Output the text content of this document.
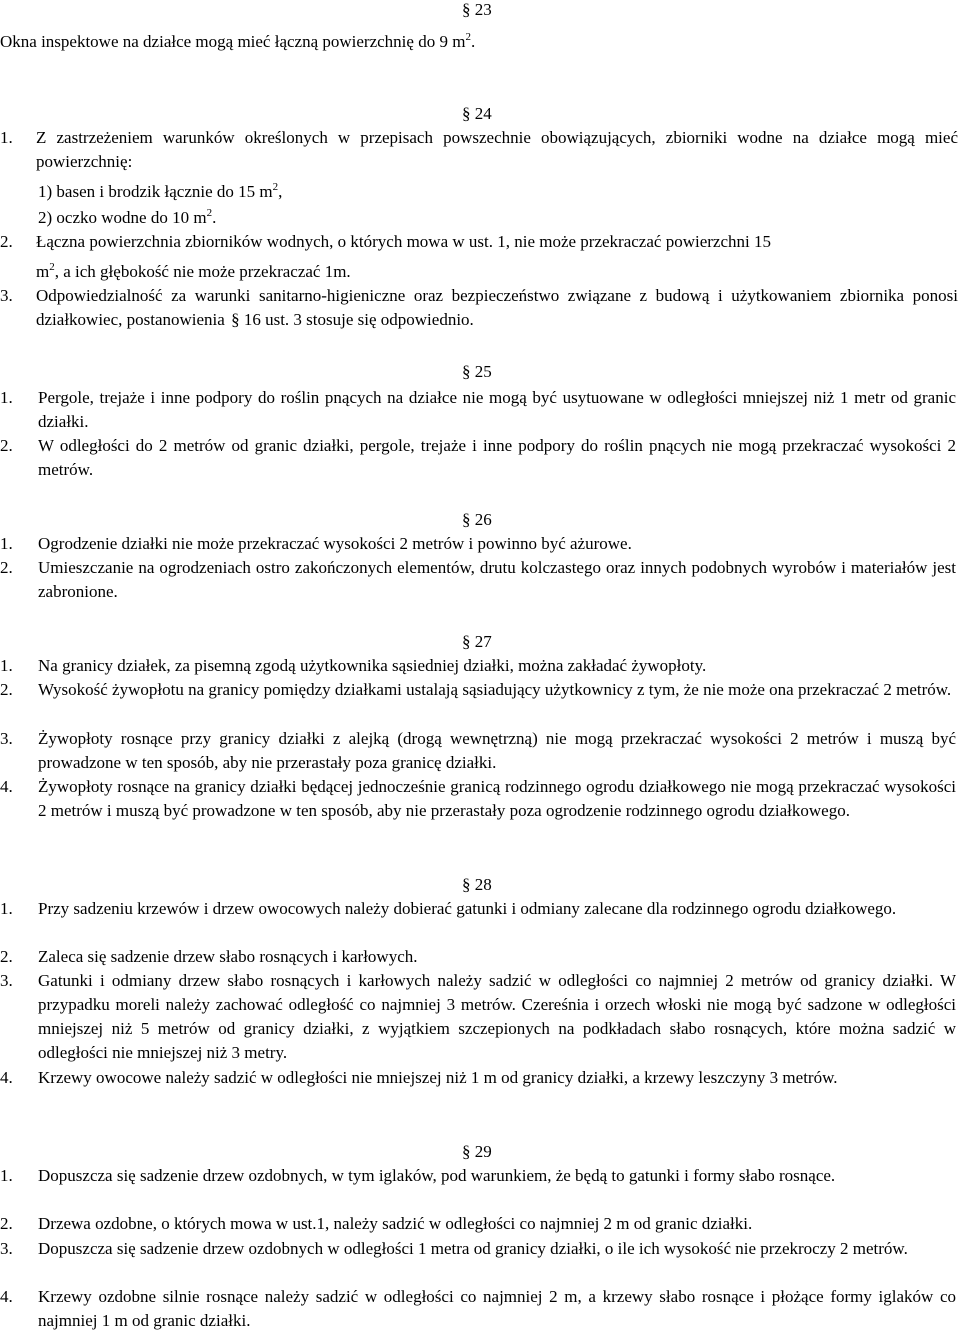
§ 23
Okna inspektowe na działce mogą mieć łączną powierzchnię do 9 $m^2$.
§ 24
1. Z zastrzeżeniem warunków określonych w przepisach powszechnie obowiązujących, zbiorniki wodne na działce mogą mieć powierzchnię:
1) basen i brodzik łącznie do 15 $m^2$,
2) oczko wodne do 10 $m^2$.
2. Łączna powierzchnia zbiorników wodnych, o których mowa w ust. 1, nie może przekraczać powierzchni 15
$m^2$, a ich głębokość nie może przekraczać 1m.
3. Odpowiedzialność za warunki sanitarno-higieniczne oraz bezpieczeństwo związane z budową i użytkowaniem zbiornika ponosi działkowiec, postanowienia § 16 ust. 3 stosuje się odpowiednio.
§ 25
1. Pergole, trejaże i inne podpory do roślin pnących na działce nie mogą być usytuowane w odległości mniejszej niż 1 metr od granic działki.
2. W odległości do 2 metrów od granic działki, pergole, trejaże i inne podpory do roślin pnących nie mogą przekraczać wysokości 2 metrów.
§ 26
1. Ogrodzenie działki nie może przekraczać wysokości 2 metrów i powinno być ażurowe.
2. Umieszczanie na ogrodzeniach ostro zakończonych elementów, drutu kolczastego oraz innych podobnych wyrobów i materiałów jest zabronione.
§ 27
1. Na granicy działek, za pisemną zgodą użytkownika sąsiedniej działki, można zakładać żywopłoty.
2. Wysokość żywopłotu na granicy pomiędzy działkami ustalają sąsiadujący użytkownicy z tym, że nie może ona przekraczać 2 metrów.
3. Żywopłoty rosnące przy granicy działki z alejką (drogą wewnętrzną) nie mogą przekraczać wysokości 2 metrów i muszą być prowadzone w ten sposób, aby nie przerastały poza granicę działki.
4. Żywopłoty rosnące na granicy działki będącej jednocześnie granicą rodzinnego ogrodu działkowego nie mogą przekraczać wysokości 2 metrów i muszą być prowadzone w ten sposób, aby nie przerastały poza ogrodzenie rodzinnego ogrodu działkowego.
§ 28
1. Przy sadzeniu krzewów i drzew owocowych należy dobierać gatunki i odmiany zalecane dla rodzinnego ogrodu działkowego.
2. Zaleca się sadzenie drzew słabo rosnących i karłowych.
3. Gatunki i odmiany drzew słabo rosnących i karłowych należy sadzić w odległości co najmniej 2 metrów od granicy działki. W przypadku moreli należy zachować odległość co najmniej 3 metrów. Czereśnia i orzech włoski nie mogą być sadzone w odległości mniejszej niż 5 metrów od granicy działki, z wyjątkiem szczepionych na podkładach słabo rosnących, które można sadzić w odległości nie mniejszej niż 3 metry.
4. Krzewy owocowe należy sadzić w odległości nie mniejszej niż 1 m od granicy działki, a krzewy leszczyny 3 metrów.
§ 29
1. Dopuszcza się sadzenie drzew ozdobnych, w tym iglaków, pod warunkiem, że będą to gatunki i formy słabo rosnące.
2. Drzewa ozdobne, o których mowa w ust.1, należy sadzić w odległości co najmniej 2 m od granic działki.
3. Dopuszcza się sadzenie drzew ozdobnych w odległości 1 metra od granicy działki, o ile ich wysokość nie przekroczy 2 metrów.
4. Krzewy ozdobne silnie rosnące należy sadzić w odległości co najmniej 2 m, a krzewy słabo rosnące i płożące formy iglaków co najmniej 1 m od granic działki.
